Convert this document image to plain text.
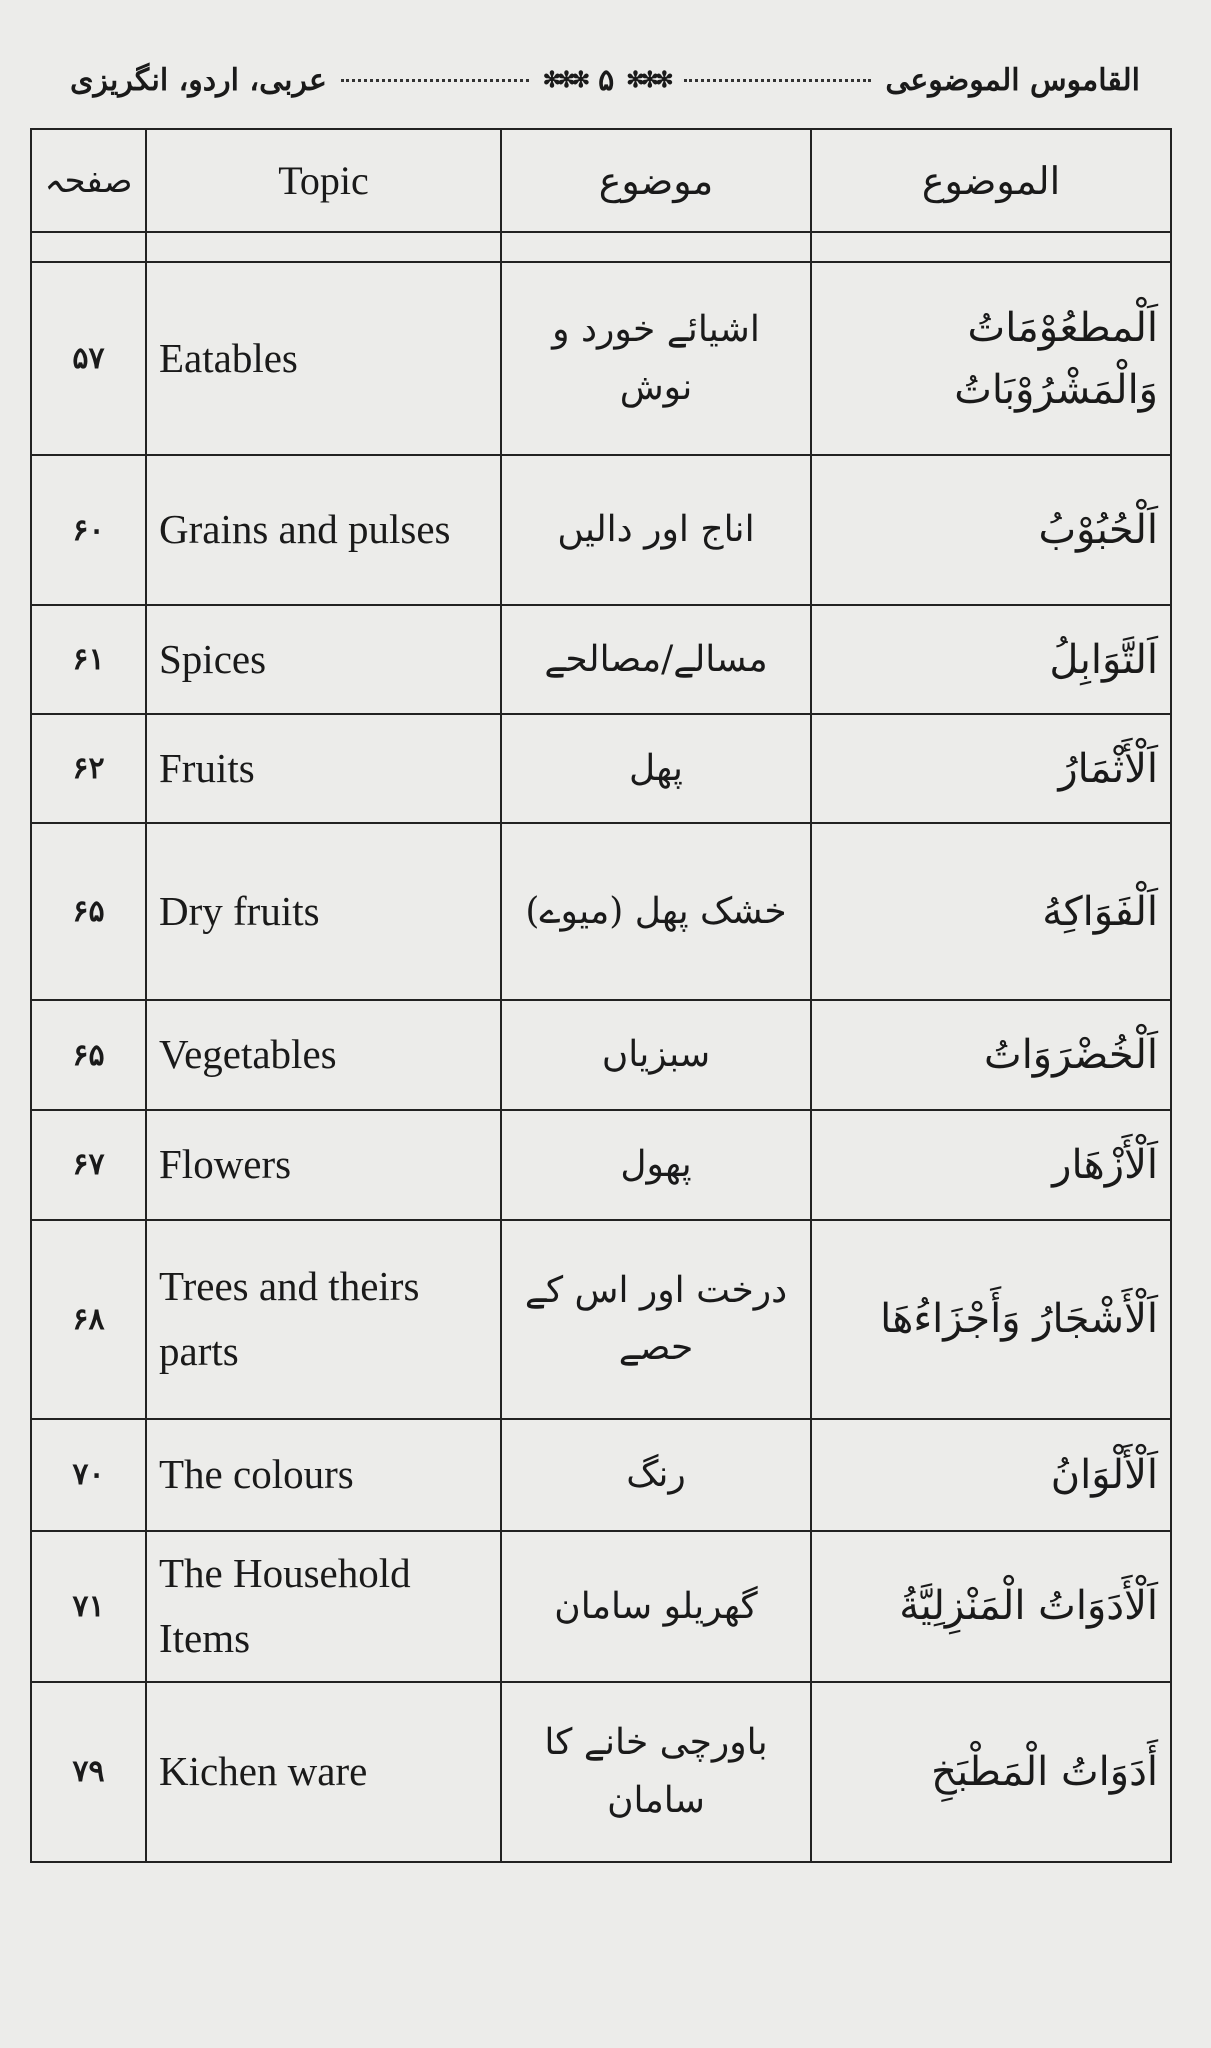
القاموس الموضوعی
✻✻✻
۵
✻✻✻
عربی، اردو، انگریزی
الموضوع	موضوع	Topic	صفحہ

اَلْمطعُوْمَاتُ وَالْمَشْرُوْبَاتُ	اشیائے خورد و نوش	Eatables	۵۷
اَلْحُبُوْبُ	اناج اور دالیں	Grains and pulses	۶۰
اَلتَّوَابِلُ	مسالے/مصالحے	Spices	۶۱
اَلْأَثْمَارُ	پھل	Fruits	۶۲
اَلْفَوَاكِهُ	خشک پھل (میوے)	Dry fruits	۶۵
اَلْخُضْرَوَاتُ	سبزیاں	Vegetables	۶۵
اَلْأَزْهَار	پھول	Flowers	۶۷
اَلْأَشْجَارُ وَأَجْزَاءُهَا	درخت اور اس کے حصے	Trees and theirs parts	۶۸
اَلْأَلْوَانُ	رنگ	The colours	۷۰
اَلْأَدَوَاتُ الْمَنْزِلِيَّةُ	گھریلو سامان	The Household Items	۷۱
أَدَوَاتُ الْمَطْبَخِ	باورچی خانے کا سامان	Kichen ware	۷۹
